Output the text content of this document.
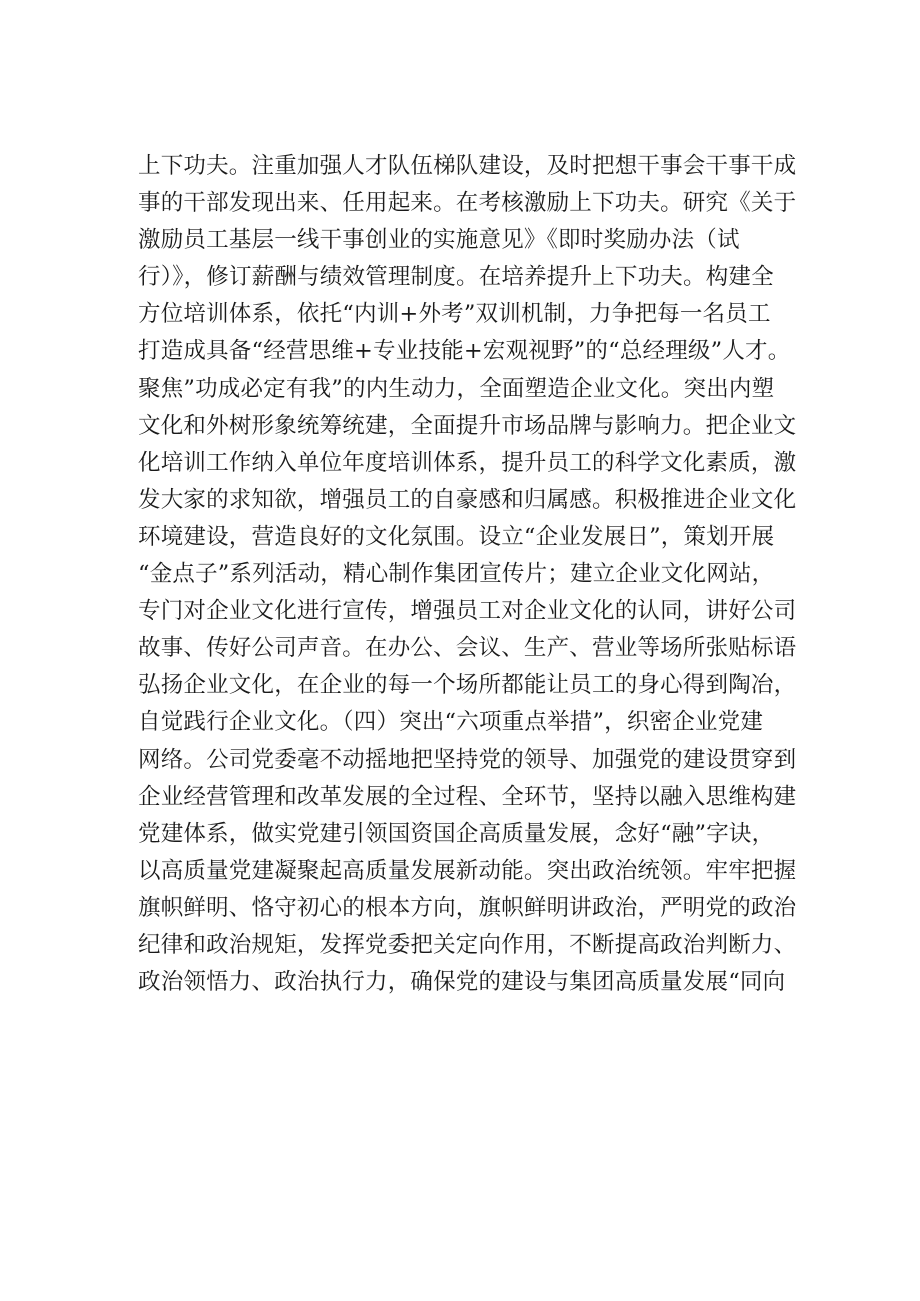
上下功夫。注重加强人才队伍梯队建设，及时把想干事会干事干成
事的干部发现出来、任用起来。在考核激励上下功夫。研究《关于
激励员工基层一线干事创业的实施意见》《即时奖励办法（试
行）》，修订薪酬与绩效管理制度。在培养提升上下功夫。构建全
方位培训体系，依托“内训+外考”双训机制，力争把每一名员工
打造成具备“经营思维+专业技能+宏观视野”的“总经理级”人才。
聚焦”功成必定有我”的内生动力，全面塑造企业文化。突出内塑
文化和外树形象统筹统建，全面提升市场品牌与影响力。把企业文
化培训工作纳入单位年度培训体系，提升员工的科学文化素质，激
发大家的求知欲，增强员工的自豪感和归属感。积极推进企业文化
环境建设，营造良好的文化氛围。设立“企业发展日”，策划开展
“金点子”系列活动，精心制作集团宣传片；建立企业文化网站，
专门对企业文化进行宣传，增强员工对企业文化的认同，讲好公司
故事、传好公司声音。在办公、会议、生产、营业等场所张贴标语
弘扬企业文化，在企业的每一个场所都能让员工的身心得到陶冶，
自觉践行企业文化。（四）突出“六项重点举措”，织密企业党建
网络。公司党委毫不动摇地把坚持党的领导、加强党的建设贯穿到
企业经营管理和改革发展的全过程、全环节，坚持以融入思维构建
党建体系，做实党建引领国资国企高质量发展，念好“融”字诀，
以高质量党建凝聚起高质量发展新动能。突出政治统领。牢牢把握
旗帜鲜明、恪守初心的根本方向，旗帜鲜明讲政治，严明党的政治
纪律和政治规矩，发挥党委把关定向作用，不断提高政治判断力、
政治领悟力、政治执行力，确保党的建设与集团高质量发展“同向
